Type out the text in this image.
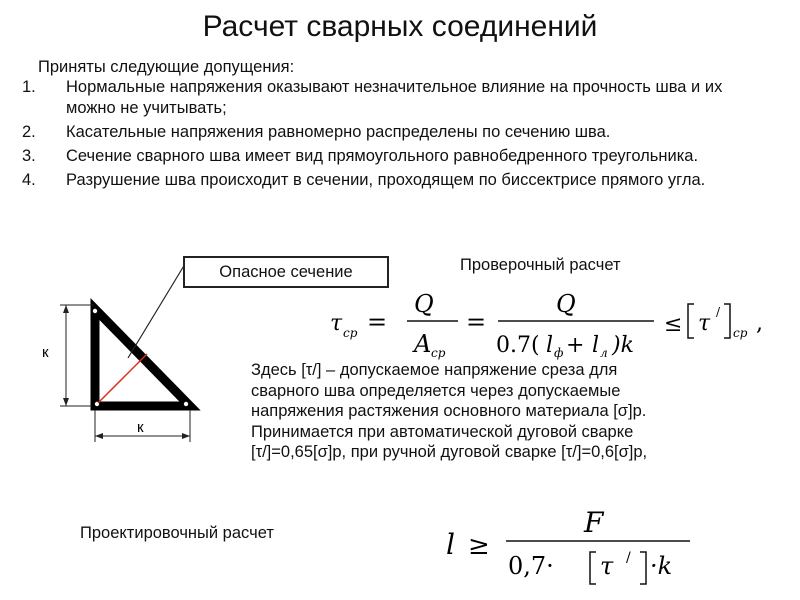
Расчет сварных соединений
Приняты следующие допущения:
1. Нормальные напряжения оказывают незначительное влияние на прочность шва и их можно не учитывать;
2. Касательные напряжения равномерно распределены по сечению шва.
3. Сечение сварного шва имеет вид прямоугольного равнобедренного треугольника.
4. Разрушение шва происходит в сечении, проходящем по биссектрисе прямого угла.
к
к
τ ср =
Q
A ср
=
Q
0.7( l ф + l л )k
≤ τ /
ср ,
l ≥
F
0,7· τ / ·k
Опасное сечение	Проверочный расчет
Здесь [τ/] – допускаемое напряжение среза для
сварного шва определяется через допускаемые
напряжения растяжения основного материала [σ]р.
Принимается при автоматической дуговой сварке
[τ/]=0,65[σ]р, при ручной дуговой сварке [τ/]=0,6[σ]р,
Проектировочный расчет
